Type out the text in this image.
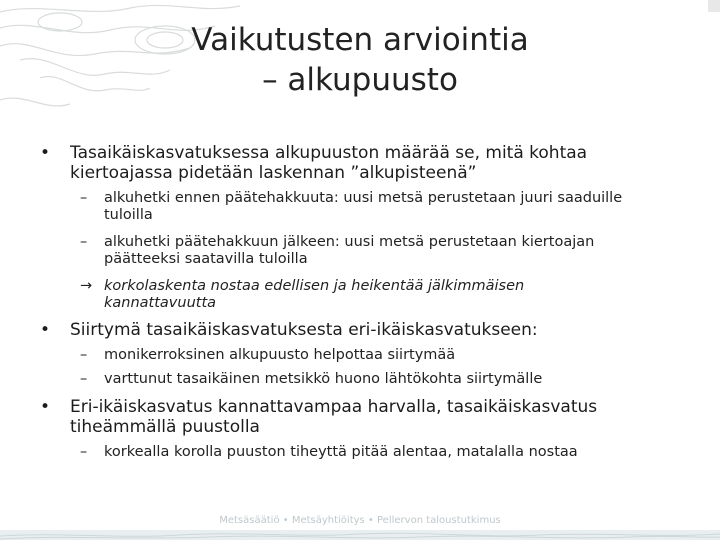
Vaikutusten arviointia
– alkupuusto
• Tasaikäiskasvatuksessa alkupuuston määrää se, mitä kohtaa
kiertoajassa pidetään laskennan ”alkupisteenä”
–	alkuhetki ennen päätehakkuuta: uusi metsä perustetaan juuri saaduille
tuloilla
–	alkuhetki päätehakkuun jälkeen: uusi metsä perustetaan kiertoajan
päätteeksi saatavilla tuloilla
→ korkolaskenta nostaa edellisen ja heikentää jälkimmäisen
kannattavuutta
• Siirtymä tasaikäiskasvatuksesta eri-ikäiskasvatukseen:
–	monikerroksinen alkupuusto helpottaa siirtymää
–	varttunut tasaikäinen metsikkö huono lähtökohta siirtymälle
• Eri-ikäiskasvatus kannattavampaa harvalla, tasaikäiskasvatus
tiheämmällä puustolla
–	korkealla korolla puuston tiheyttä pitää alentaa, matalalla nostaa
Metsäsäätiö • Metsäyhtiöitys • Pellervon taloustutkimus
